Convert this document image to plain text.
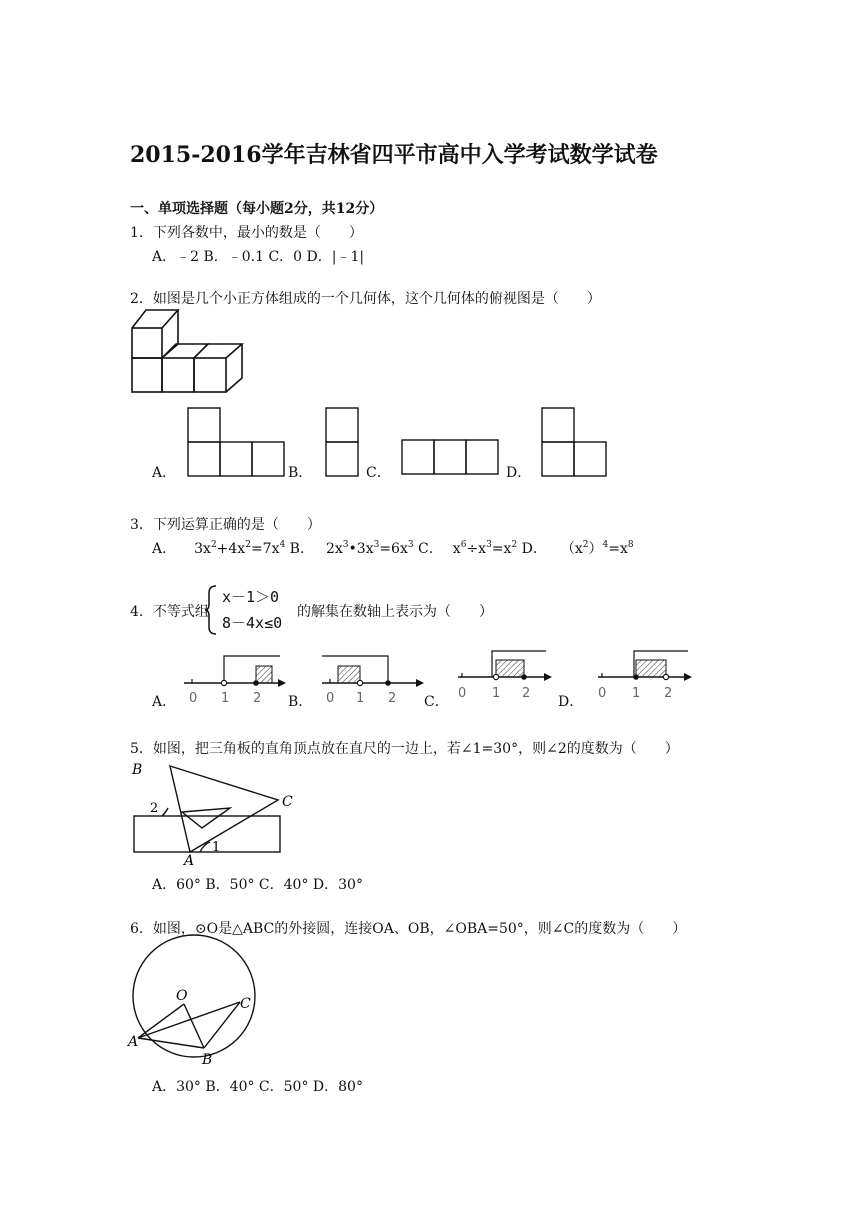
2015-2016学年吉林省四平市高中入学考试数学试卷
一、单项选择题（每小题2分，共12分）
1．下列各数中，最小的数是（　　）
A．﹣2 B．﹣0.1 C．0 D．|﹣1|
2．如图是几个小正方体组成的一个几何体，这个几何体的俯视图是（　　）
A．	B．	C．	D．
3．下列运算正确的是（　　）
A． $3x^2+4x^2=7x^4$ B． $2x^3•3x^3=6x^3$ C． $x^6\div x^3=x^2$ D． $(x^2)^4=x^8$
4．不等式组
x－1＞0
8－4x≤0
的解集在数轴上表示为（　　）
A． 0 1 2 B． 0 1 2 C．
0 1 2
D．
0 1 2
5．如图，把三角板的直角顶点放在直尺的一边上，若∠1=30°，则∠2的度数为（　　）
B
C
A
1
2
A．60° B．50° C．40° D．30°
6．如图，⊙O是△ABC的外接圆，连接OA、OB，∠OBA=50°，则∠C的度数为（　　）
O
A
B
C
A．30° B．40° C．50° D．80°
